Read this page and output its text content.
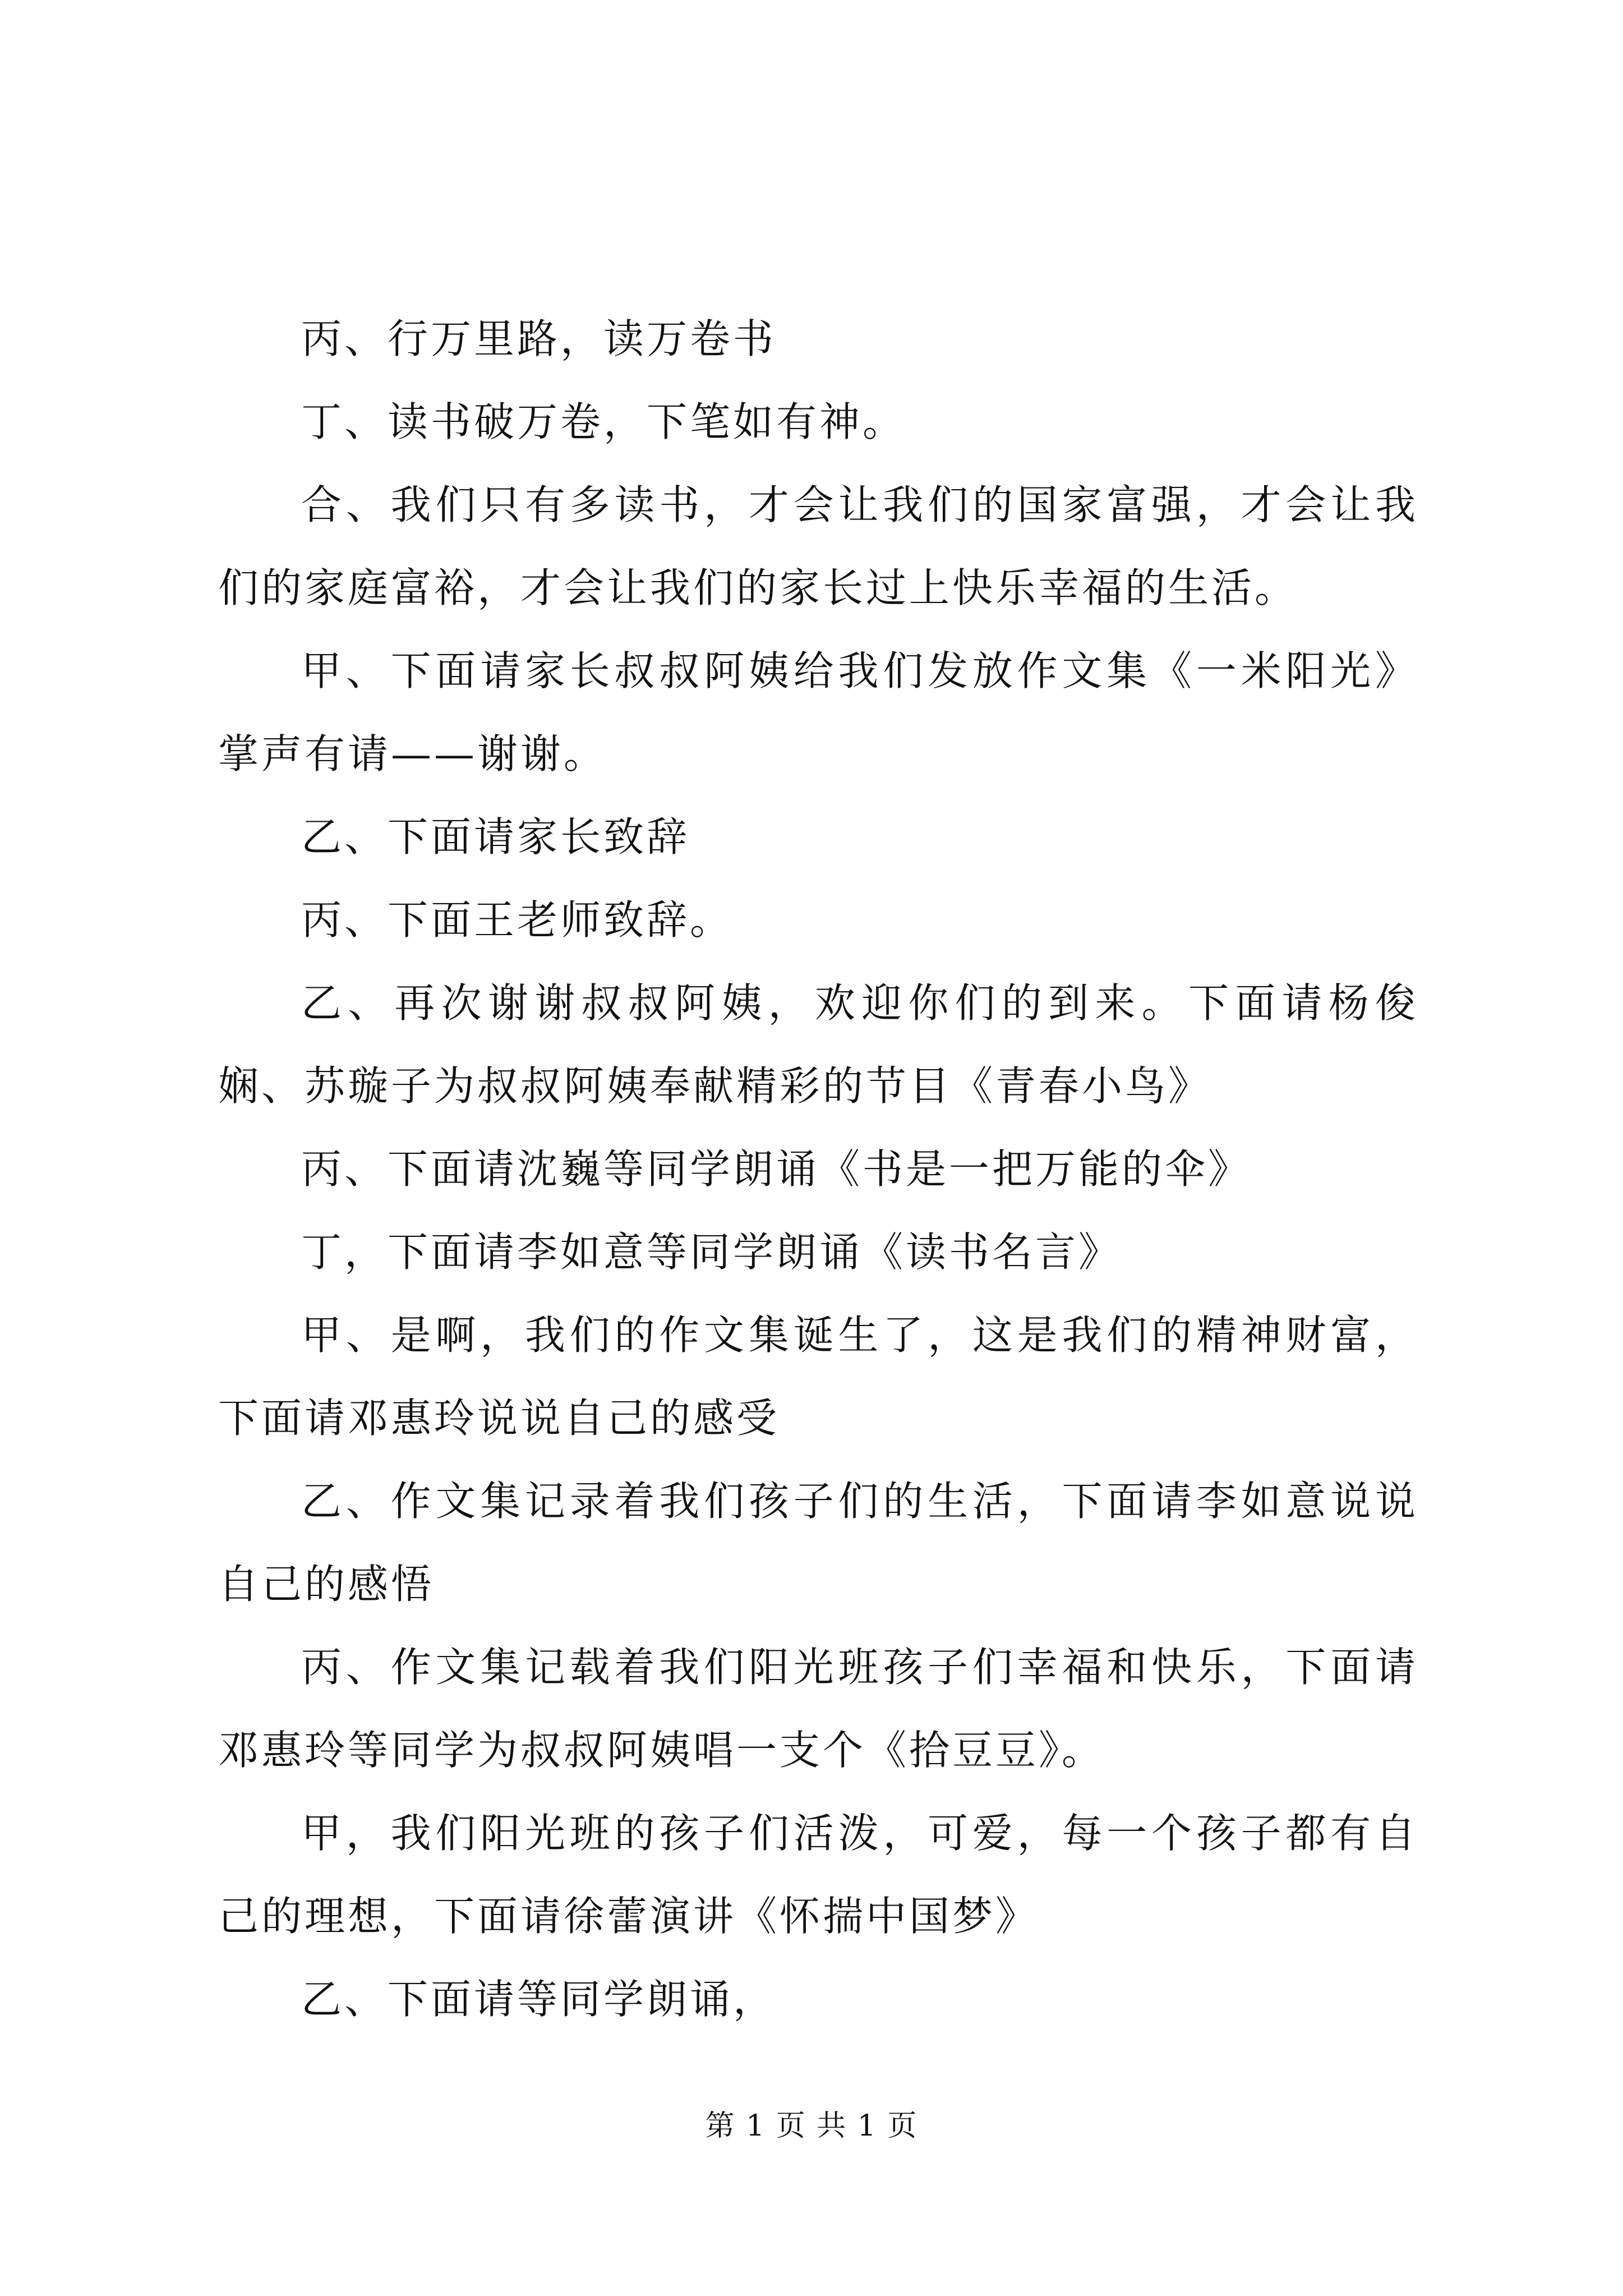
丙、行万里路，读万卷书

丁、读书破万卷，下笔如有神。

合、我们只有多读书，才会让我们的国家富强，才会让我们的家庭富裕，才会让我们的家长过上快乐幸福的生活。

甲、下面请家长叔叔阿姨给我们发放作文集《一米阳光》掌声有请——谢谢。

乙、下面请家长致辞

丙、下面王老师致辞。

乙、再次谢谢叔叔阿姨，欢迎你们的到来。下面请杨俊娴、苏璇子为叔叔阿姨奉献精彩的节目《青春小鸟》

丙、下面请沈巍等同学朗诵《书是一把万能的伞》

丁，下面请李如意等同学朗诵《读书名言》

甲、是啊，我们的作文集诞生了，这是我们的精神财富，下面请邓惠玲说说自己的感受

乙、作文集记录着我们孩子们的生活，下面请李如意说说自己的感悟

丙、作文集记载着我们阳光班孩子们幸福和快乐，下面请邓惠玲等同学为叔叔阿姨唱一支个《拾豆豆》。

甲，我们阳光班的孩子们活泼，可爱，每一个孩子都有自己的理想，下面请徐蕾演讲《怀揣中国梦》

乙、下面请等同学朗诵，

第 1 页 共 1 页
